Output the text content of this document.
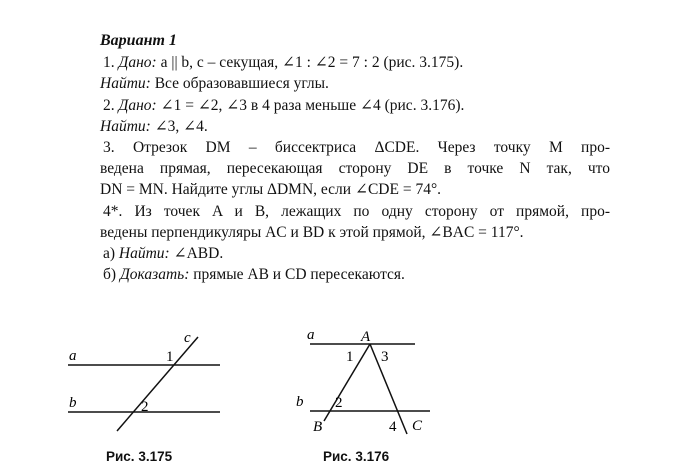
Вариант 1
1. Дано: a || b, c – секущая, ∠1 : ∠2 = 7 : 2 (рис. 3.175).
Найти: Все образовавшиеся углы.
2. Дано: ∠1 = ∠2, ∠3 в 4 раза меньше ∠4 (рис. 3.176).
Найти: ∠3, ∠4.
3. Отрезок DM – биссектриса ΔCDE. Через точку M про-
ведена прямая, пересекающая сторону DE в точке N так, что
DN = MN. Найдите углы ΔDMN, если ∠CDE = 74°.
4*. Из точек A и B, лежащих по одну сторону от прямой, про-
ведены перпендикуляры AC и BD к этой прямой, ∠BAC = 117°.
а) Найти: ∠ABD.
б) Доказать: прямые AB и CD пересекаются.
a
b
c
1
2
Рис. 3.175
a
b
A
B	C
1
2
3
4
Рис. 3.176
